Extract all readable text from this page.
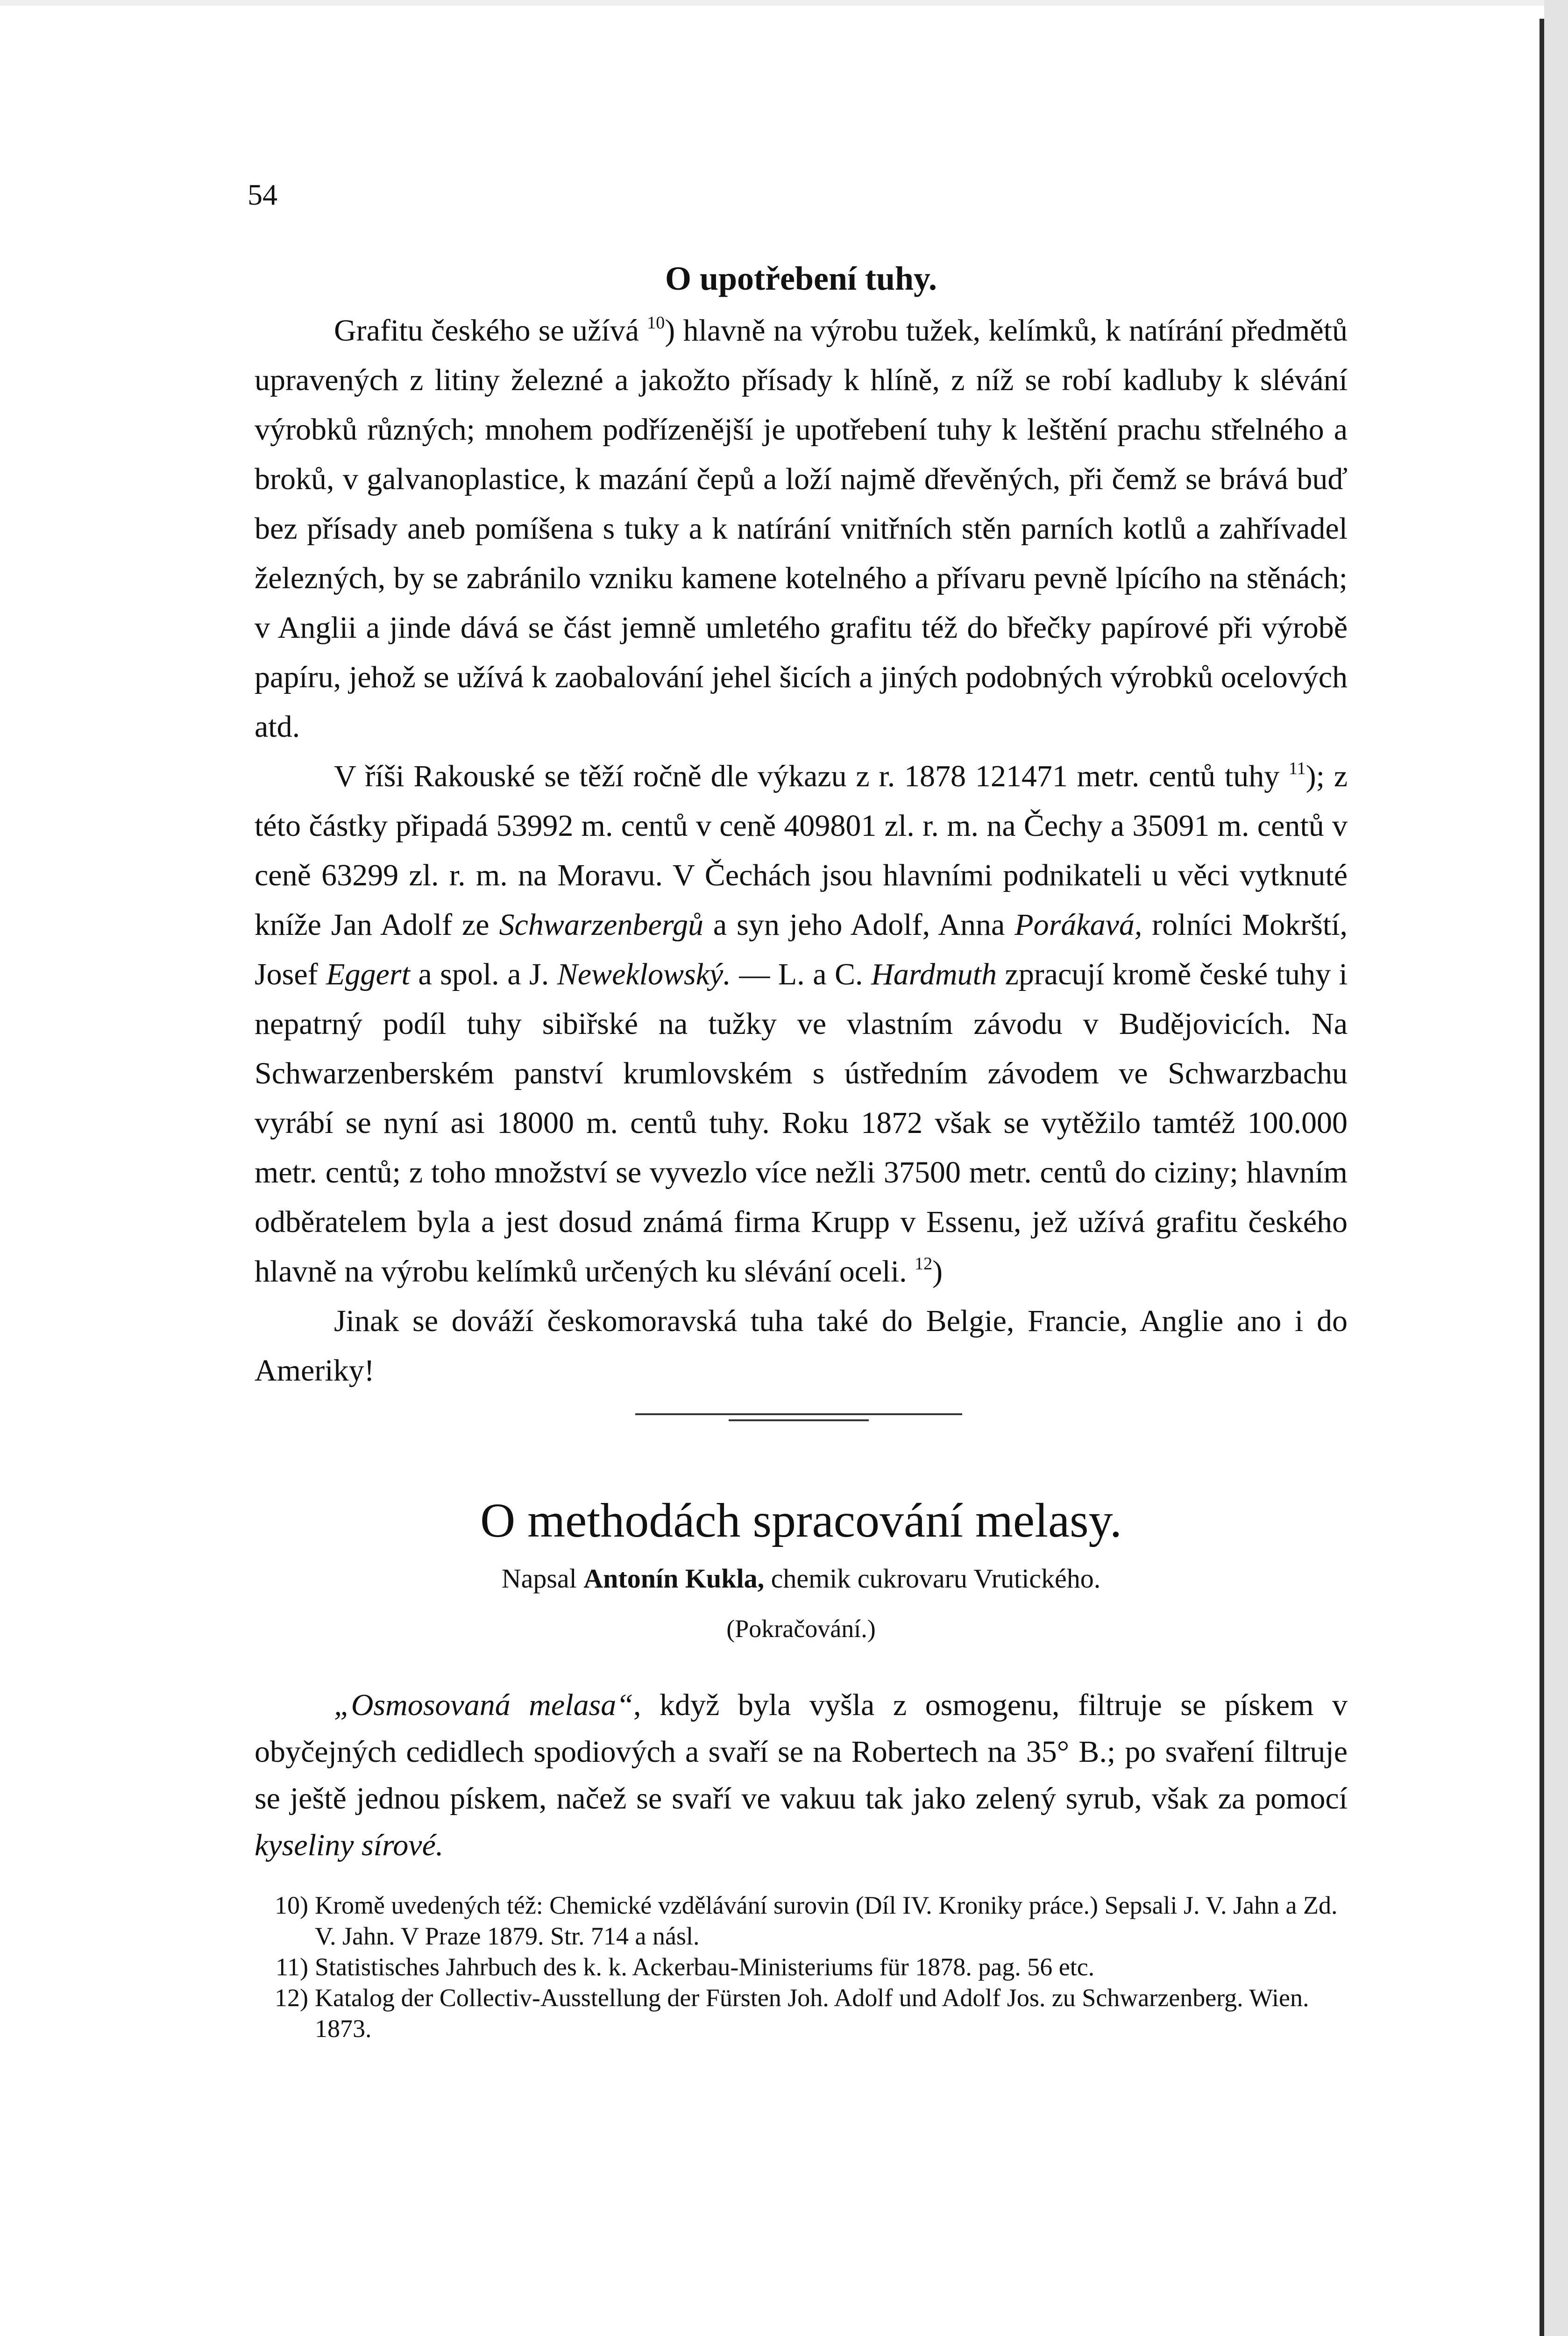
54
O upotřebení tuhy.

Grafitu českého se užívá $^{10}$) hlavně na výrobu tužek, kelímků, k natírání předmětů upravených z litiny železné a jakožto přísady k hlíně, z níž se robí kadluby k slévání výrobků různých; mnohem podřízenější je upotřebení tuhy k leštění prachu střelného a broků, v galvanoplastice, k mazání čepů a loží najmě dřevěných, při čemž se brává buď bez přísady aneb pomíšena s tuky a k natírání vnitřních stěn parních kotlů a zahřívadel železných, by se zabránilo vzniku kamene kotelného a přívaru pevně lpícího na stěnách; v Anglii a jinde dává se část jemně umletého grafitu též do břečky papírové při výrobě papíru, jehož se užívá k zaobalování jehel šicích a jiných podobných výrobků ocelových atd.

V říši Rakouské se těží ročně dle výkazu z r. 1878 121471 metr. centů tuhy $^{11}$); z této částky připadá 53992 m. centů v ceně 409801 zl. r. m. na Čechy a 35091 m. centů v ceně 63299 zl. r. m. na Moravu. V Čechách jsou hlavními podnikateli u věci vytknuté kníže Jan Adolf ze Schwarzenbergů a syn jeho Adolf, Anna Porákavá, rolníci Mokrští, Josef Eggert a spol. a J. Neweklowský. — L. a C. Hardmuth zpracují kromě české tuhy i nepatrný podíl tuhy sibiřské na tužky ve vlastním závodu v Budějovicích. Na Schwarzenberském panství krumlovském s ústředním závodem ve Schwarzbachu vyrábí se nyní asi 18000 m. centů tuhy. Roku 1872 však se vytěžilo tamtéž 100.000 metr. centů; z toho množství se vyvezlo více nežli 37500 metr. centů do ciziny; hlavním odběratelem byla a jest dosud známá firma Krupp v Essenu, jež užívá grafitu českého hlavně na výrobu kelímků určených ku slévání oceli. $^{12}$)

Jinak se dováží českomoravská tuha také do Belgie, Francie, Anglie ano i do Ameriky!

O methodách spracování melasy.
Napsal Antonín Kukla, chemik cukrovaru Vrutického.
(Pokračování.)

„Osmosovaná melasa“, když byla vyšla z osmogenu, filtruje se pískem v obyčejných cedidlech spodiových a svaří se na Robertech na 35° B.; po svaření filtruje se ještě jednou pískem, načež se svaří ve vakuu tak jako zelený syrub, však za pomocí kyseliny sírové.

10) Kromě uvedených též: Chemické vzdělávání surovin (Díl IV. Kroniky práce.) Sepsali J. V. Jahn a Zd. V. Jahn. V Praze 1879. Str. 714 a násl.
11) Statistisches Jahrbuch des k. k. Ackerbau-Ministeriums für 1878. pag. 56 etc.
12) Katalog der Collectiv-Ausstellung der Fürsten Joh. Adolf und Adolf Jos. zu Schwarzenberg. Wien. 1873.
